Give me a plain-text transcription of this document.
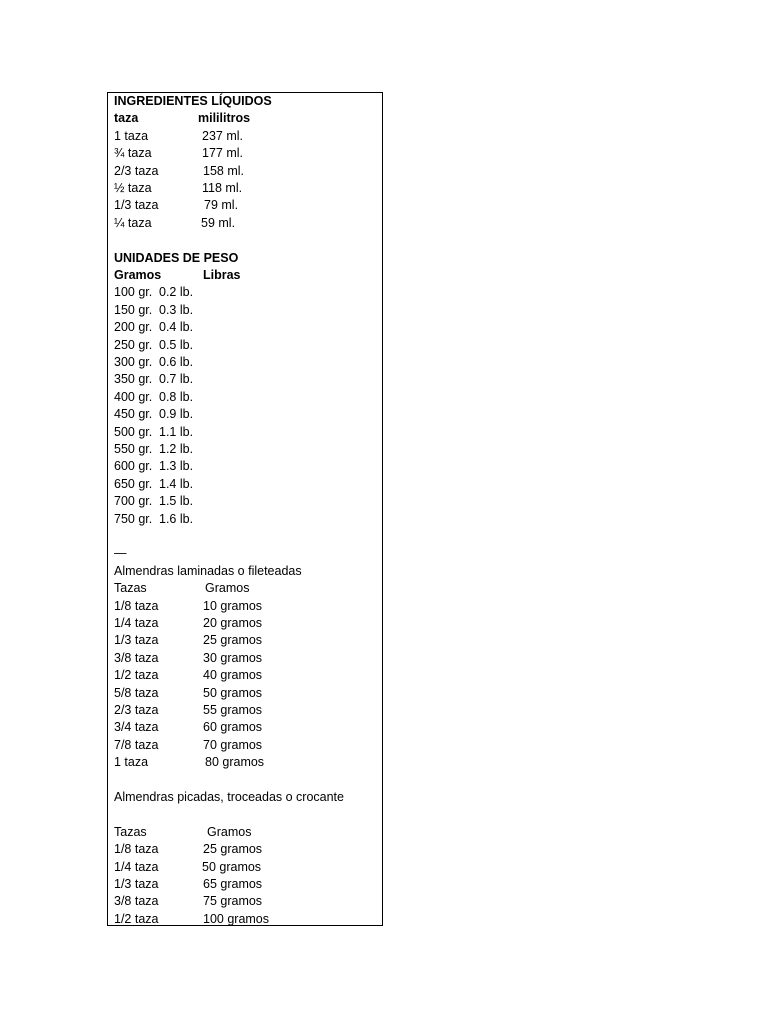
INGREDIENTES LÍQUIDOS
taza	mililitros
1 taza	237 ml.
¾ taza	177 ml.
2/3 taza	158 ml.
½ taza	118 ml.
1/3 taza	79 ml.
¼ taza	59 ml.
UNIDADES DE PESO
Gramos	Libras
100 gr. 0.2 lb.
150 gr. 0.3 lb.
200 gr. 0.4 lb.
250 gr. 0.5 lb.
300 gr. 0.6 lb.
350 gr. 0.7 lb.
400 gr. 0.8 lb.
450 gr. 0.9 lb.
500 gr. 1.1 lb.
550 gr. 1.2 lb.
600 gr. 1.3 lb.
650 gr. 1.4 lb.
700 gr. 1.5 lb.
750 gr. 1.6 lb.
—
Almendras laminadas o fileteadas
Tazas	Gramos
1/8 taza	10 gramos
1/4 taza	20 gramos
1/3 taza	25 gramos
3/8 taza	30 gramos
1/2 taza	40 gramos
5/8 taza	50 gramos
2/3 taza	55 gramos
3/4 taza	60 gramos
7/8 taza	70 gramos
1 taza	80 gramos
Almendras picadas, troceadas o crocante
Tazas	Gramos
1/8 taza	25 gramos
1/4 taza	50 gramos
1/3 taza	65 gramos
3/8 taza	75 gramos
1/2 taza	100 gramos
